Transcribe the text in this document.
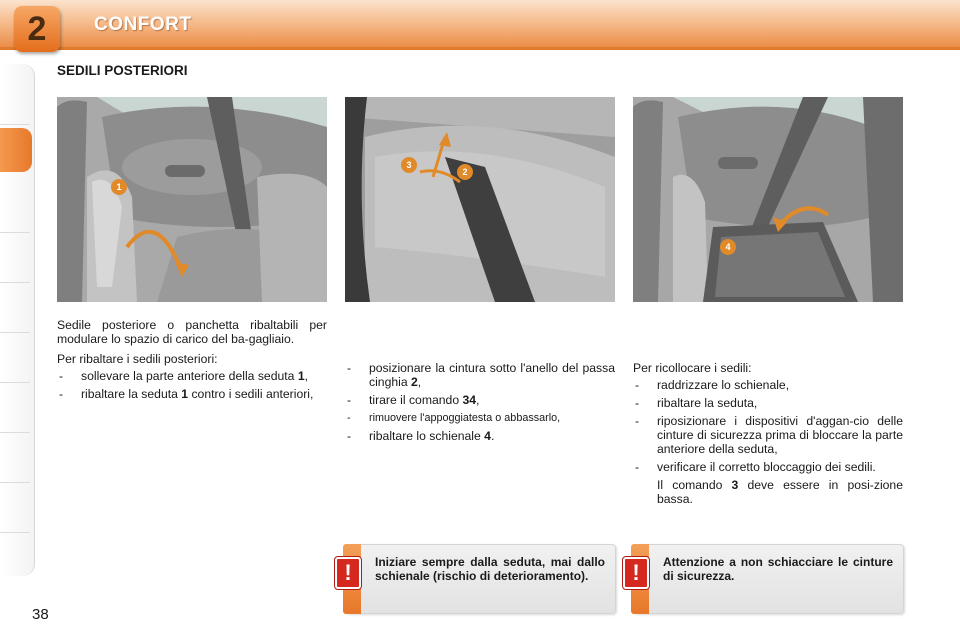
2	CONFORT
SEDILI POSTERIORI
1
3
2
4

Sedile posteriore o panchetta ribaltabili per modulare lo spazio di carico del ba-gagliaio.

Per ribaltare i sedili posteriori:

- sollevare la parte anteriore della seduta 1,
- ribaltare la seduta 1 contro i sedili anteriori,
- posizionare la cintura sotto l'anello del passa cinghia 2,
- tirare il comando 34,
- rimuovere l'appoggiatesta o abbassarlo,
- ribaltare lo schienale 4.

Per ricollocare i sedili:

- raddrizzare lo schienale,
- ribaltare la seduta,
- riposizionare i dispositivi d'aggan-cio delle cinture di sicurezza prima di bloccare la parte anteriore della seduta,
- verificare il corretto bloccaggio dei sedili.

Il comando 3 deve essere in posi-zione bassa.

!	Iniziare sempre dalla seduta, mai dallo schienale (rischio di deterioramento).	!	Attenzione a non schiacciare le cinture di sicurezza.
38
